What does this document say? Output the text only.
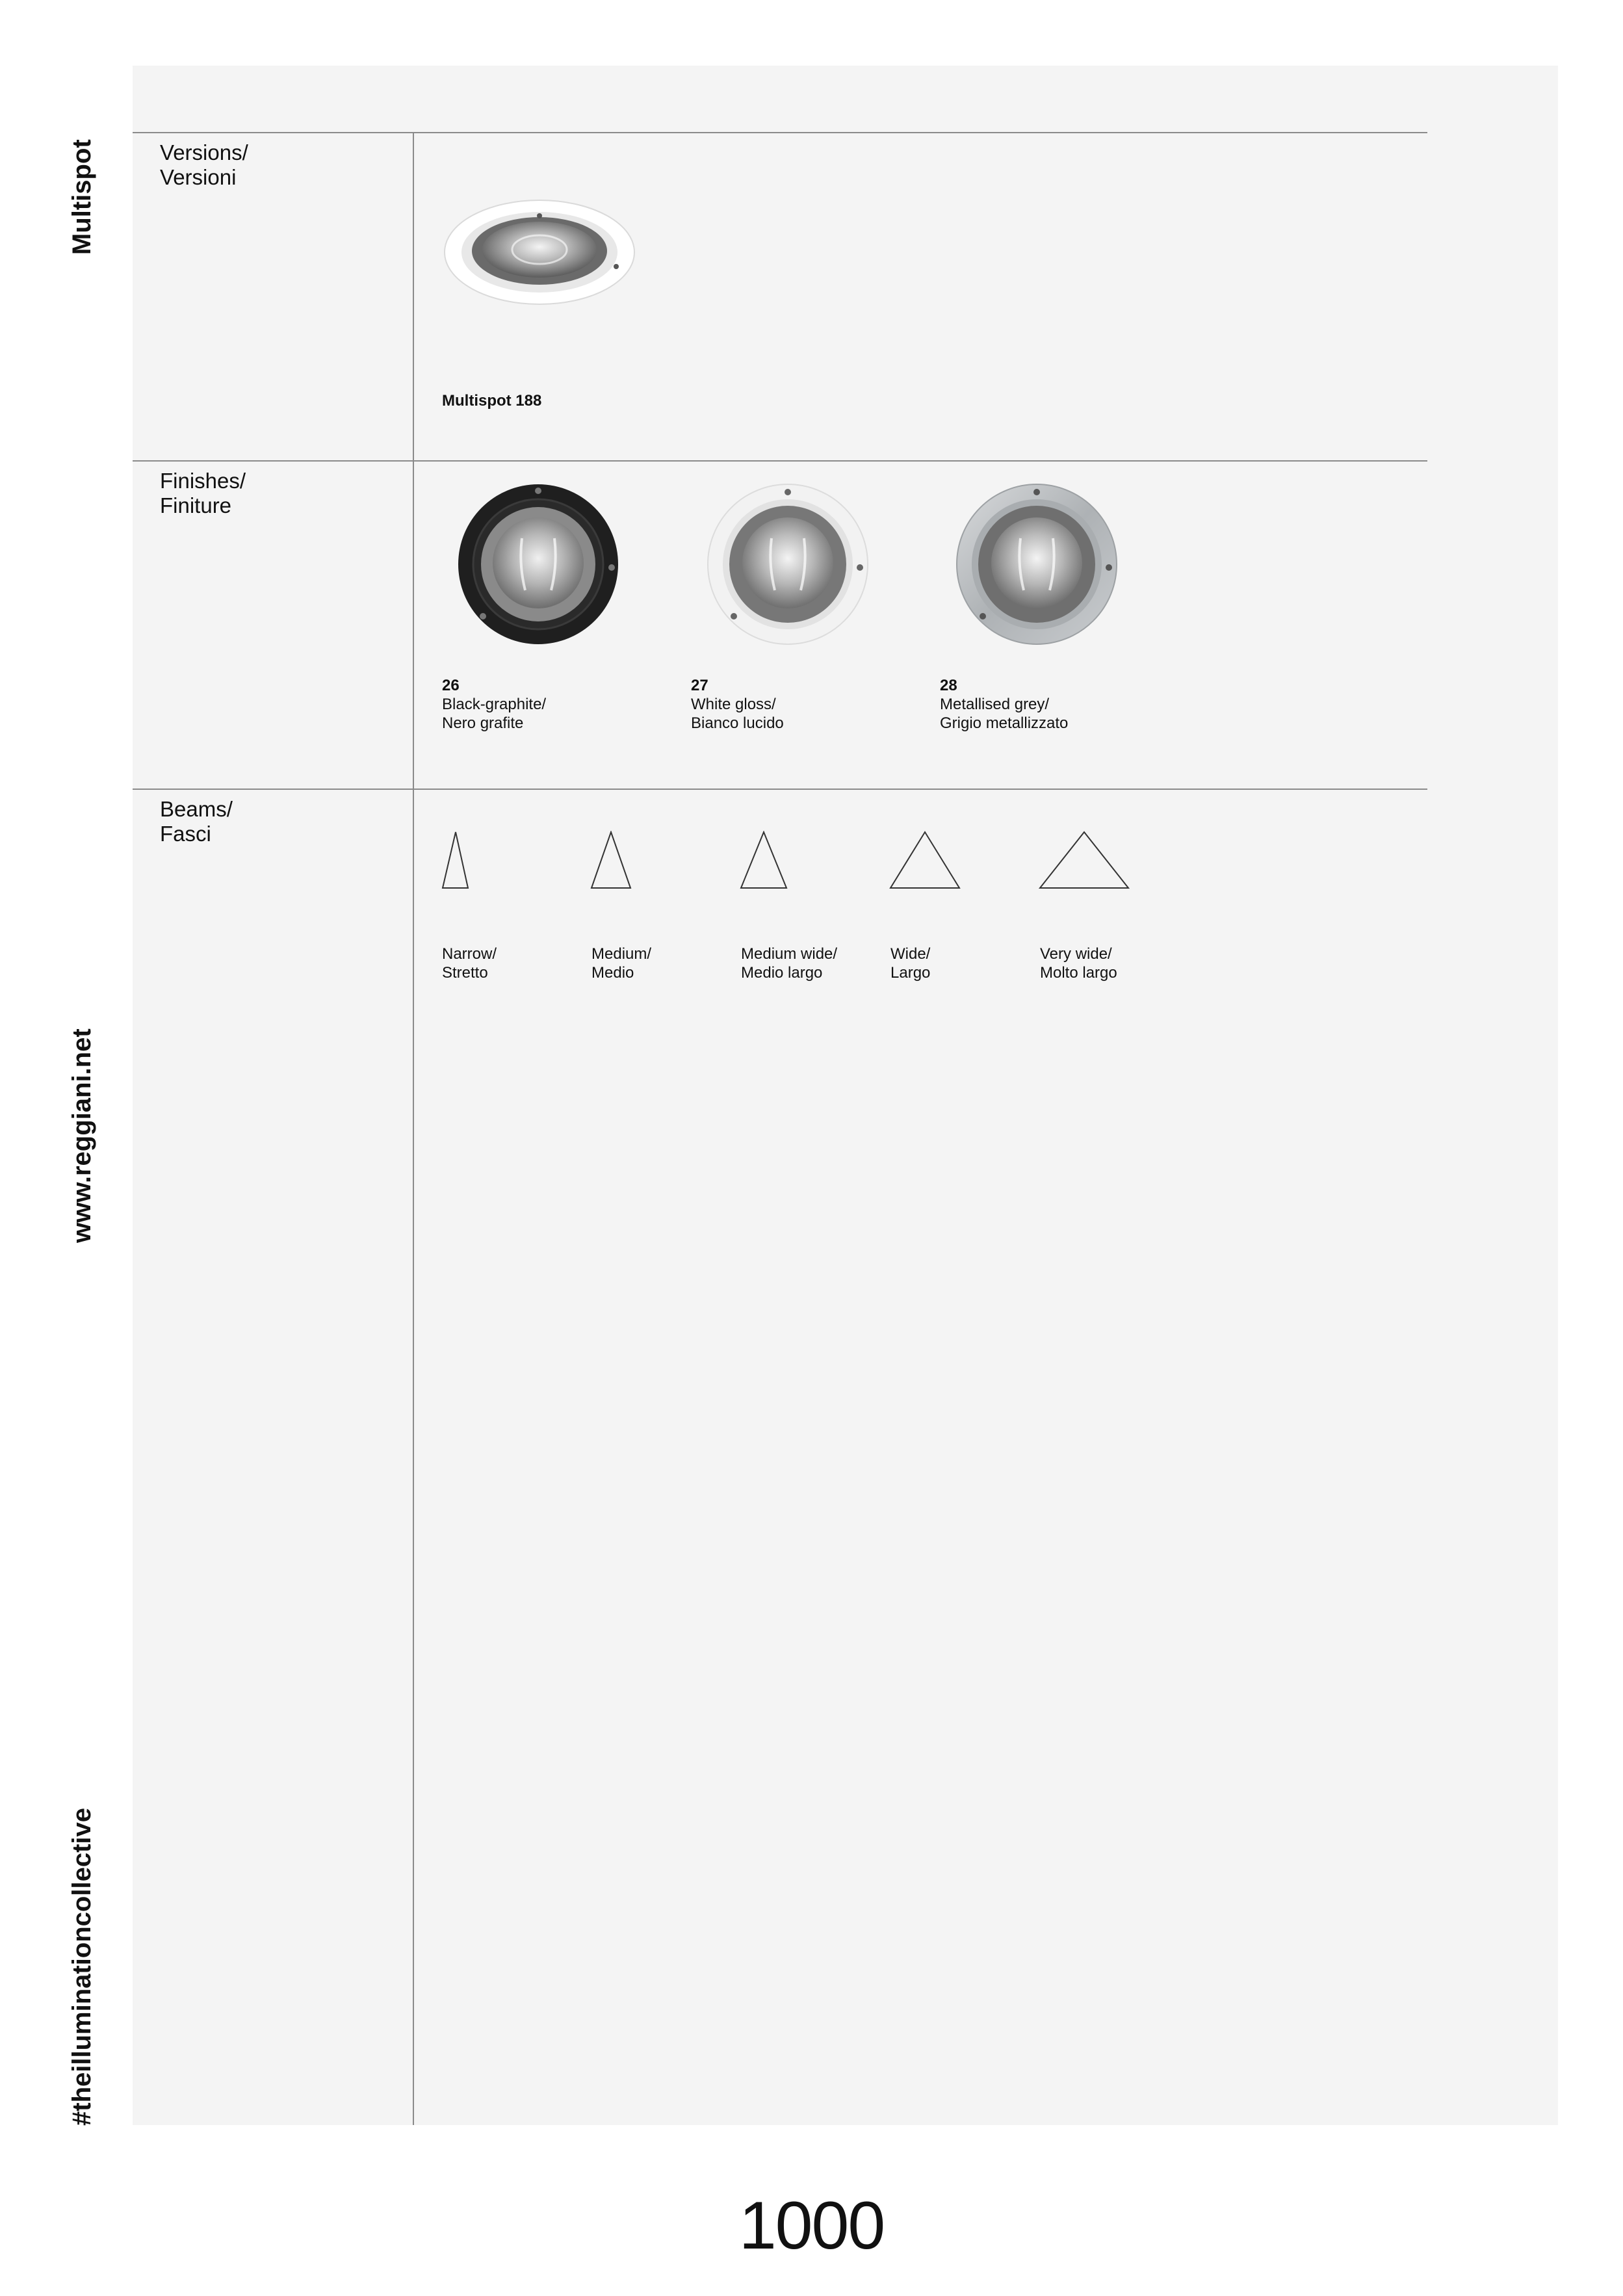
Multispot
www.reggiani.net
#theilluminationcollective
Versions/
Versioni
Multispot 188
Finishes/
Finiture
26
Black-graphite/
Nero grafite
27
White gloss/
Bianco lucido
28
Metallised grey/
Grigio metallizzato
Beams/
Fasci
Narrow/
Stretto
Medium/
Medio
Medium wide/
Medio largo
Wide/
Largo
Very wide/
Molto largo
1000
